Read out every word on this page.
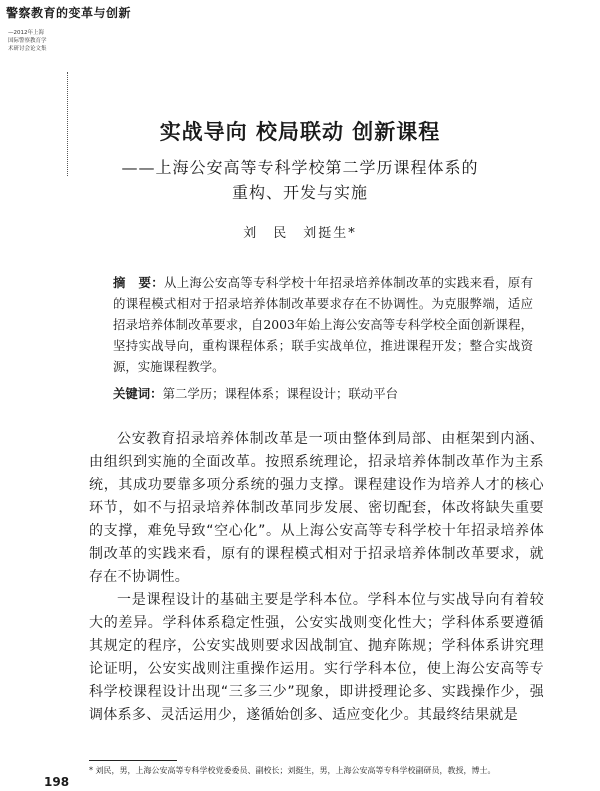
警察教育的变革与创新
—2012年上海
国际警察教育学
术研讨会论文集
实战导向 校局联动 创新课程
——上海公安高等专科学校第二学历课程体系的
重构、开发与实施
刘　民　刘挺生*
摘　要：从上海公安高等专科学校十年招录培养体制改革的实践来看，原有的课程模式相对于招录培养体制改革要求存在不协调性。为克服弊端，适应招录培养体制改革要求，自2003年始上海公安高等专科学校全面创新课程，坚持实战导向，重构课程体系；联手实战单位，推进课程开发；整合实战资源，实施课程教学。
关键词：第二学历；课程体系；课程设计；联动平台
公安教育招录培养体制改革是一项由整体到局部、由框架到内涵、由组织到实施的全面改革。按照系统理论，招录培养体制改革作为主系统，其成功要靠多项分系统的强力支撑。课程建设作为培养人才的核心环节，如不与招录培养体制改革同步发展、密切配套，体改将缺失重要的支撑，难免导致“空心化”。从上海公安高等专科学校十年招录培养体制改革的实践来看，原有的课程模式相对于招录培养体制改革要求，就存在不协调性。
一是课程设计的基础主要是学科本位。学科本位与实战导向有着较大的差异。学科体系稳定性强，公安实战则变化性大；学科体系要遵循其规定的程序，公安实战则要求因战制宜、抛弃陈规；学科体系讲究理论证明，公安实战则注重操作运用。实行学科本位，使上海公安高等专科学校课程设计出现“三多三少”现象，即讲授理论多、实践操作少，强调体系多、灵活运用少，遂循始创多、适应变化少。其最终结果就是
* 刘民，男，上海公安高等专科学校党委委员、副校长；刘挺生，男，上海公安高等专科学校副研员，教授，博士。
198
